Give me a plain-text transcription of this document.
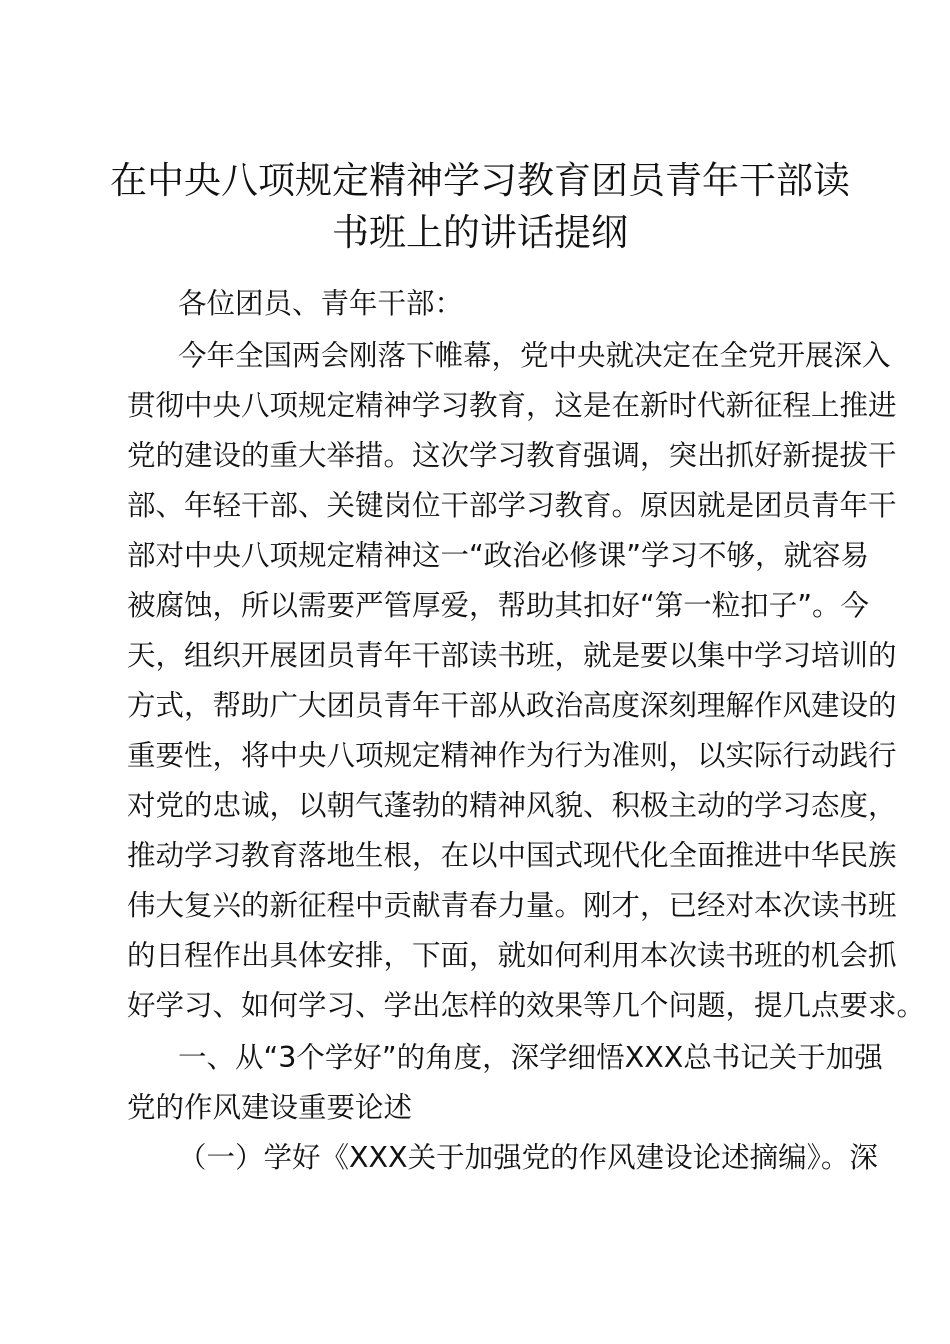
在中央八项规定精神学习教育团员青年干部读
书班上的讲话提纲

各位团员、青年干部：

今年全国两会刚落下帷幕，党中央就决定在全党开展深入

贯彻中央八项规定精神学习教育，这是在新时代新征程上推进

党的建设的重大举措。这次学习教育强调，突出抓好新提拔干

部、年轻干部、关键岗位干部学习教育。原因就是团员青年干

部对中央八项规定精神这一“政治必修课”学习不够，就容易

被腐蚀，所以需要严管厚爱，帮助其扣好“第一粒扣子”。今

天，组织开展团员青年干部读书班，就是要以集中学习培训的

方式，帮助广大团员青年干部从政治高度深刻理解作风建设的

重要性，将中央八项规定精神作为行为准则，以实际行动践行

对党的忠诚，以朝气蓬勃的精神风貌、积极主动的学习态度，

推动学习教育落地生根，在以中国式现代化全面推进中华民族

伟大复兴的新征程中贡献青春力量。刚才，已经对本次读书班

的日程作出具体安排，下面，就如何利用本次读书班的机会抓

好学习、如何学习、学出怎样的效果等几个问题，提几点要求。

一、从“3个学好”的角度，深学细悟XXX总书记关于加强

党的作风建设重要论述

（一）学好《XXX关于加强党的作风建设论述摘编》。深
